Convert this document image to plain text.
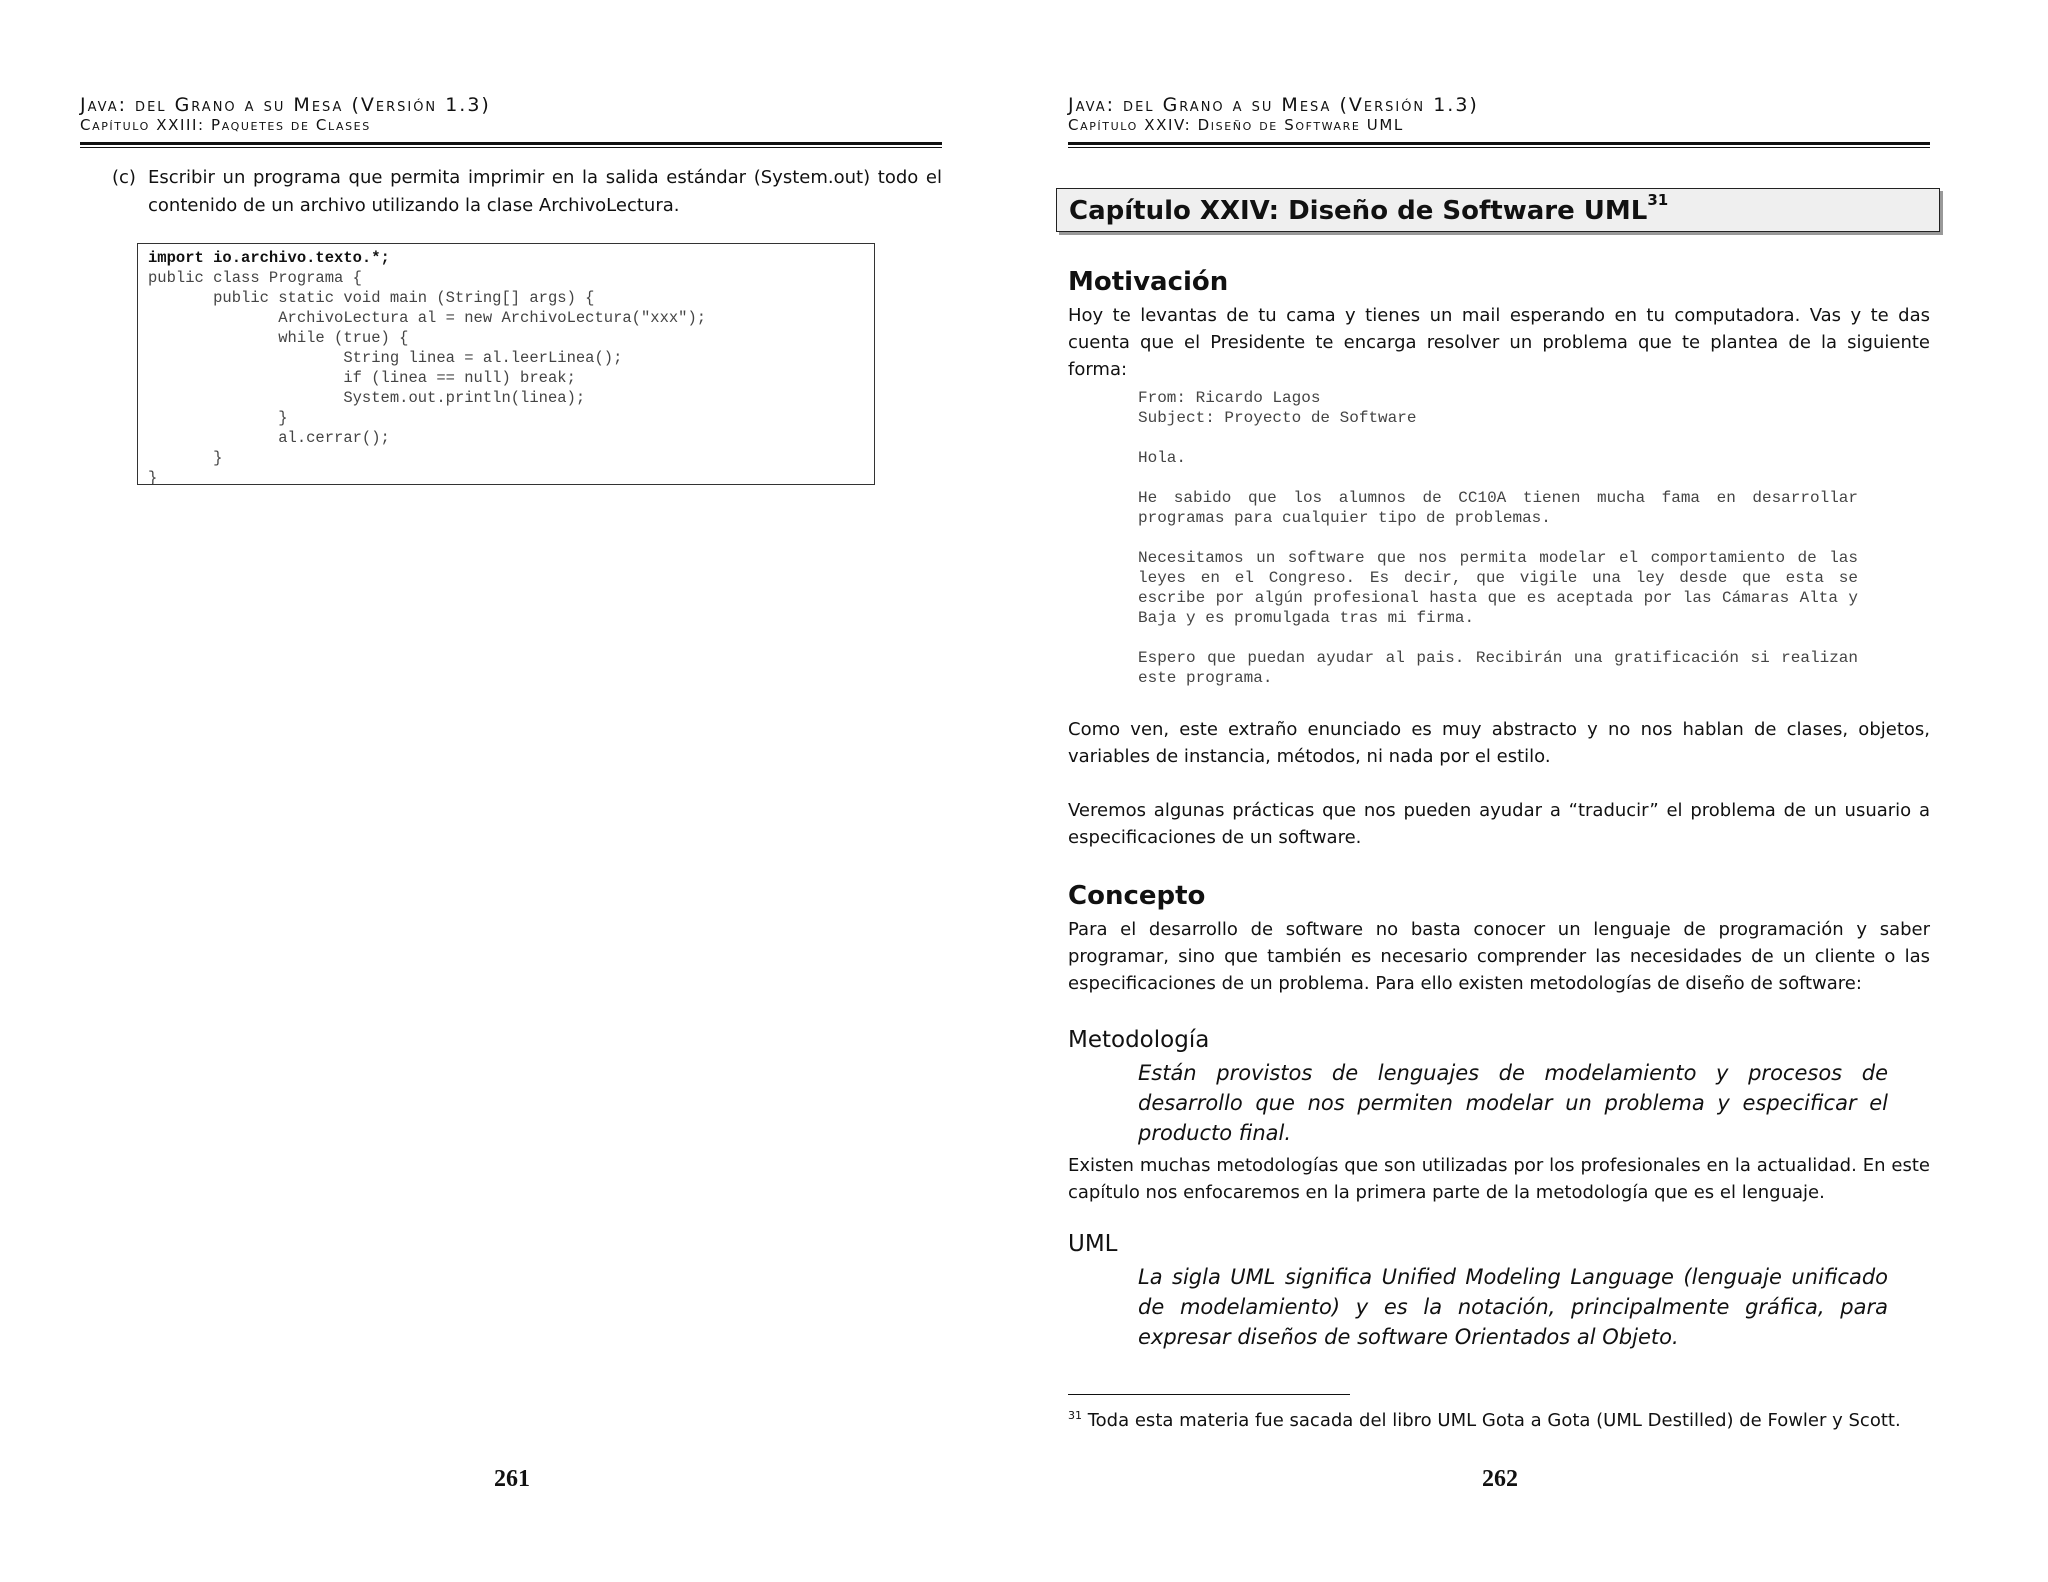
Java: del Grano a su Mesa (Versión 1.3)
Capítulo XXIII: Paquetes de Clases
(c) Escribir un programa que permita imprimir en la salida estándar (System.out) todo el contenido de un archivo utilizando la clase ArchivoLectura.
import io.archivo.texto.*;
public class Programa {
public static void main (String[] args) {
ArchivoLectura al = new ArchivoLectura("xxx");
while (true) {
String linea = al.leerLinea();
if (linea == null) break;
System.out.println(linea);
}
al.cerrar();
}
}
261
Java: del Grano a su Mesa (Versión 1.3)
Capítulo XXIV: Diseño de Software UML
Capítulo XXIV: Diseño de Software UML$^{31}$
Motivación

Hoy te levantas de tu cama y tienes un mail esperando en tu computadora. Vas y te das cuenta que el Presidente te encarga resolver un problema que te plantea de la siguiente forma:

From: Ricardo Lagos
Subject: Proyecto de Software

Hola.

He sabido que los alumnos de CC10A tienen mucha fama en desarrollar programas para cualquier tipo de problemas.

Necesitamos un software que nos permita modelar el comportamiento de las leyes en el Congreso. Es decir, que vigile una ley desde que esta se escribe por algún profesional hasta que es aceptada por las Cámaras Alta y Baja y es promulgada tras mi firma.

Espero que puedan ayudar al pais. Recibirán una gratificación si realizan este programa.

Como ven, este extraño enunciado es muy abstracto y no nos hablan de clases, objetos, variables de instancia, métodos, ni nada por el estilo.

Veremos algunas prácticas que nos pueden ayudar a “traducir” el problema de un usuario a especificaciones de un software.

Concepto

Para el desarrollo de software no basta conocer un lenguaje de programación y saber programar, sino que también es necesario comprender las necesidades de un cliente o las especificaciones de un problema. Para ello existen metodologías de diseño de software:

Metodología
Están provistos de lenguajes de modelamiento y procesos de desarrollo que nos permiten modelar un problema y especificar el producto final.

Existen muchas metodologías que son utilizadas por los profesionales en la actualidad. En este capítulo nos enfocaremos en la primera parte de la metodología que es el lenguaje.

UML
La sigla UML significa Unified Modeling Language (lenguaje unificado de modelamiento) y es la notación, principalmente gráfica, para expresar diseños de software Orientados al Objeto.
$^{31}$ Toda esta materia fue sacada del libro UML Gota a Gota (UML Destilled) de Fowler y Scott.
262
